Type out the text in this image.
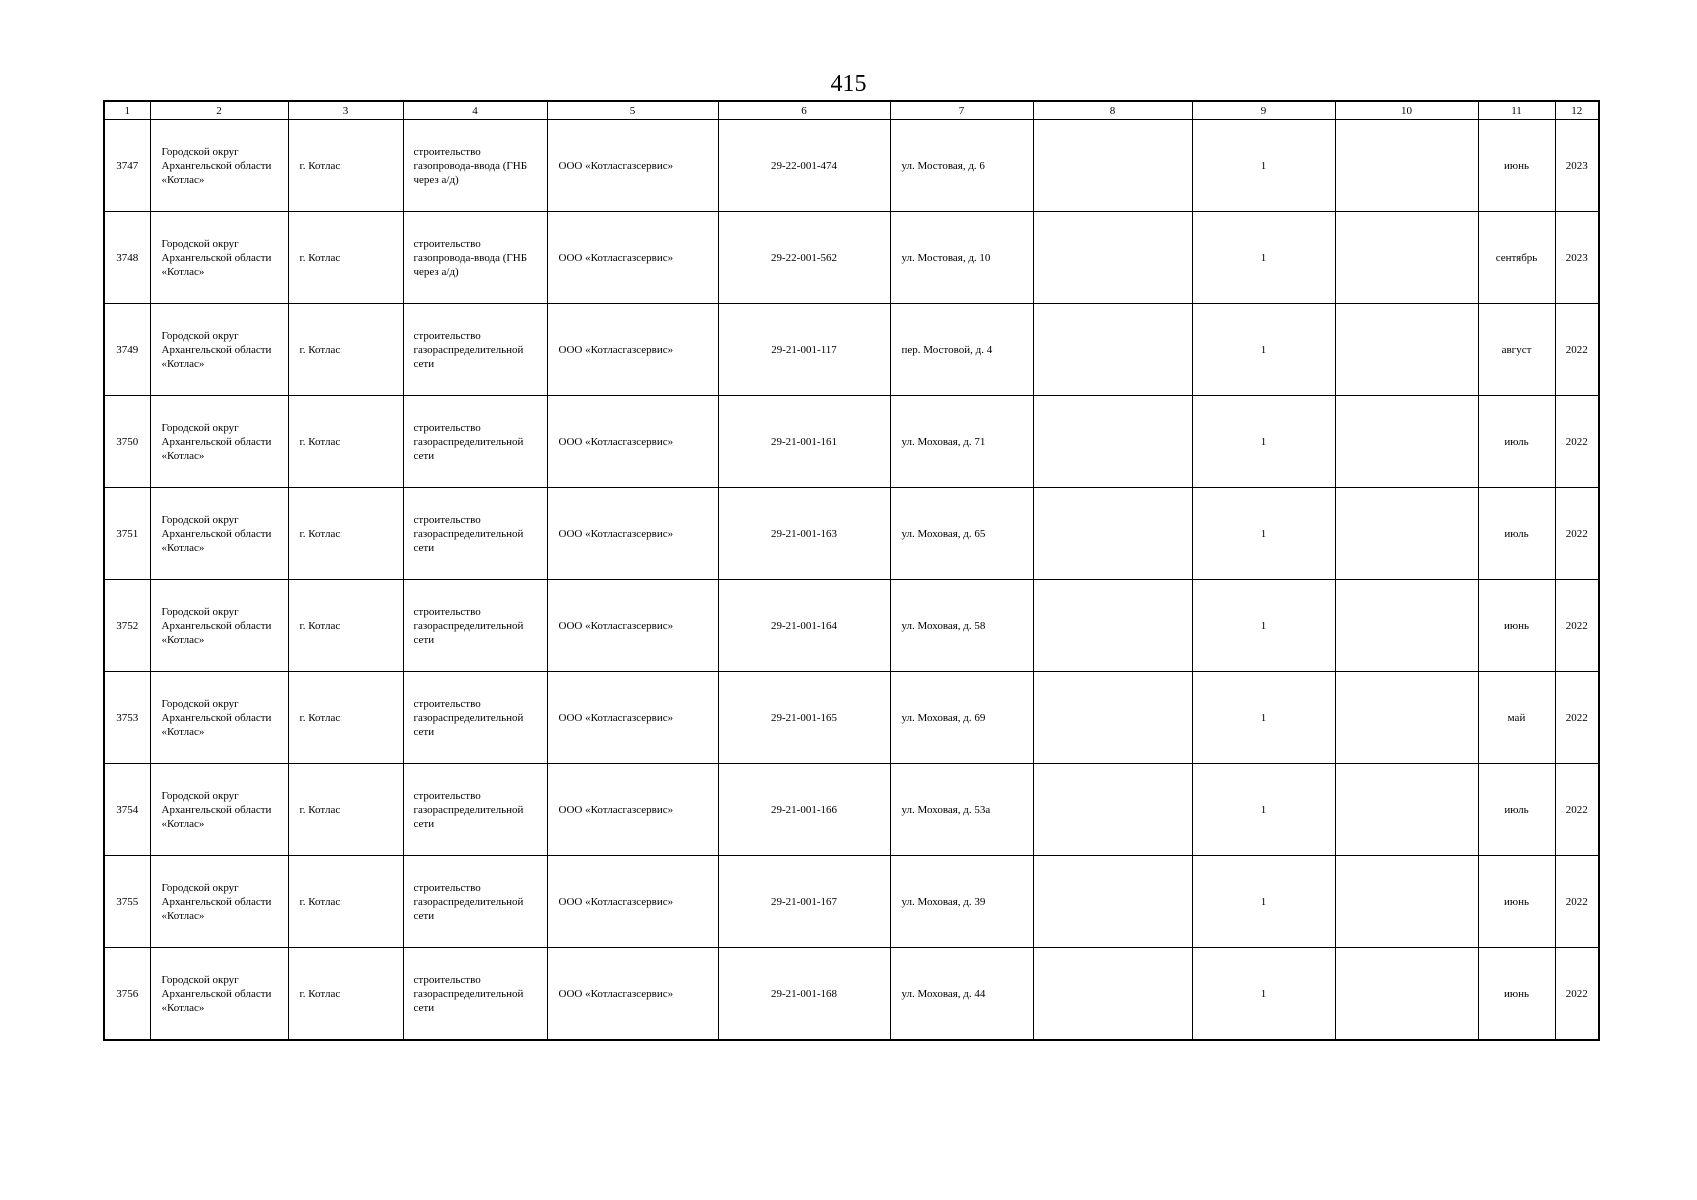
415
1	2	3	4	5	6	7	8	9	10	11	12
3747	Городской округ Архангельской области «Котлас»	г. Котлас	строительство газопровода-ввода (ГНБ через а/д)	ООО «Котласгазсервис»	29-22-001-474	ул. Мостовая, д. 6		1		июнь	2023
3748	Городской округ Архангельской области «Котлас»	г. Котлас	строительство газопровода-ввода (ГНБ через а/д)	ООО «Котласгазсервис»	29-22-001-562	ул. Мостовая, д. 10		1		сентябрь	2023
3749	Городской округ Архангельской области «Котлас»	г. Котлас	строительство газораспределительной сети	ООО «Котласгазсервис»	29-21-001-117	пер. Мостовой, д. 4		1		август	2022
3750	Городской округ Архангельской области «Котлас»	г. Котлас	строительство газораспределительной сети	ООО «Котласгазсервис»	29-21-001-161	ул. Моховая, д. 71		1		июль	2022
3751	Городской округ Архангельской области «Котлас»	г. Котлас	строительство газораспределительной сети	ООО «Котласгазсервис»	29-21-001-163	ул. Моховая, д. 65		1		июль	2022
3752	Городской округ Архангельской области «Котлас»	г. Котлас	строительство газораспределительной сети	ООО «Котласгазсервис»	29-21-001-164	ул. Моховая, д. 58		1		июнь	2022
3753	Городской округ Архангельской области «Котлас»	г. Котлас	строительство газораспределительной сети	ООО «Котласгазсервис»	29-21-001-165	ул. Моховая, д. 69		1		май	2022
3754	Городской округ Архангельской области «Котлас»	г. Котлас	строительство газораспределительной сети	ООО «Котласгазсервис»	29-21-001-166	ул. Моховая, д. 53а		1		июль	2022
3755	Городской округ Архангельской области «Котлас»	г. Котлас	строительство газораспределительной сети	ООО «Котласгазсервис»	29-21-001-167	ул. Моховая, д. 39		1		июнь	2022
3756	Городской округ Архангельской области «Котлас»	г. Котлас	строительство газораспределительной сети	ООО «Котласгазсервис»	29-21-001-168	ул. Моховая, д. 44		1		июнь	2022
